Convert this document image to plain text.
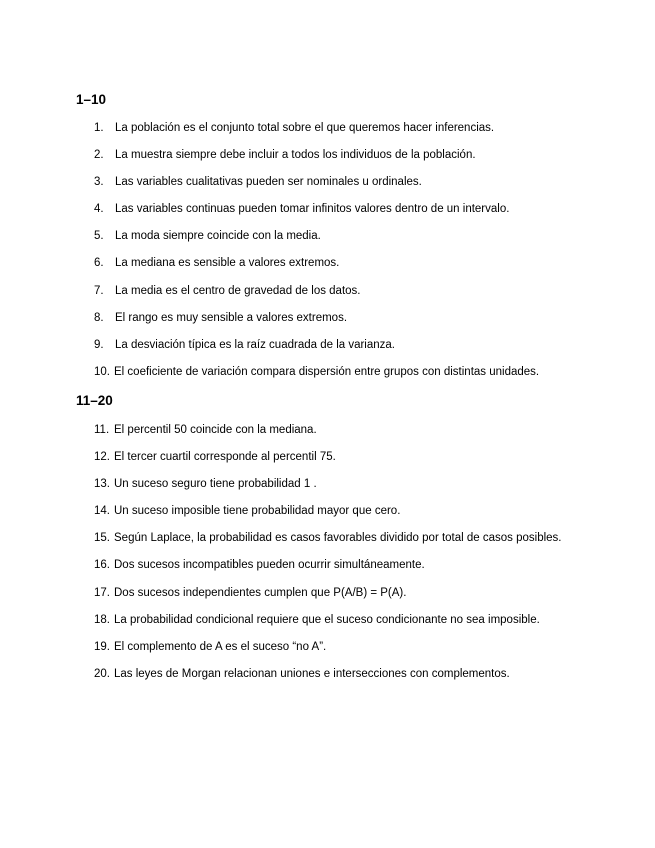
1–10
1. La población es el conjunto total sobre el que queremos hacer inferencias.
2. La muestra siempre debe incluir a todos los individuos de la población.
3. Las variables cualitativas pueden ser nominales u ordinales.
4. Las variables continuas pueden tomar infinitos valores dentro de un intervalo.
5. La moda siempre coincide con la media.
6. La mediana es sensible a valores extremos.
7. La media es el centro de gravedad de los datos.
8. El rango es muy sensible a valores extremos.
9. La desviación típica es la raíz cuadrada de la varianza.
10. El coeficiente de variación compara dispersión entre grupos con distintas unidades.
11–20
11. El percentil 50 coincide con la mediana.
12. El tercer cuartil corresponde al percentil 75.
13. Un suceso seguro tiene probabilidad 1 .
14. Un suceso imposible tiene probabilidad mayor que cero.
15. Según Laplace, la probabilidad es casos favorables dividido por total de casos posibles.
16. Dos sucesos incompatibles pueden ocurrir simultáneamente.
17. Dos sucesos independientes cumplen que P(A/B) = P(A).
18. La probabilidad condicional requiere que el suceso condicionante no sea imposible.
19. El complemento de A es el suceso “no A”.
20. Las leyes de Morgan relacionan uniones e intersecciones con complementos.
